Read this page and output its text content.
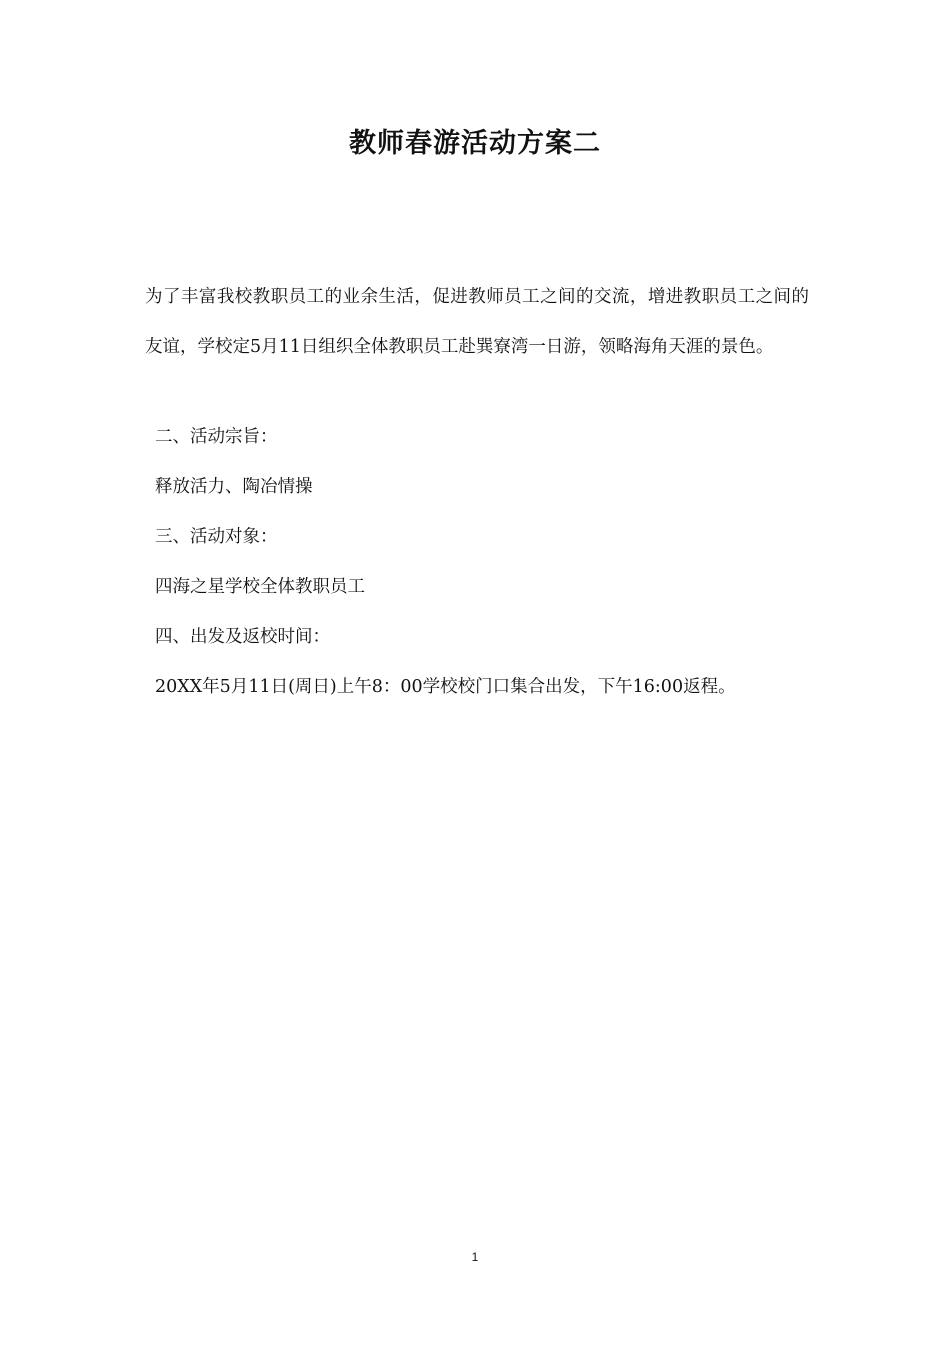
教师春游活动方案二

为了丰富我校教职员工的业余生活，促进教师员工之间的交流，增进教职员工之间的友谊，学校定5月11日组织全体教职员工赴巽寮湾一日游，领略海角天涯的景色。

二、活动宗旨：

释放活力、陶冶情操

三、活动对象：

四海之星学校全体教职员工

四、出发及返校时间：

20XX年5月11日(周日)上午8：00学校校门口集合出发，下午16:00返程。

1
